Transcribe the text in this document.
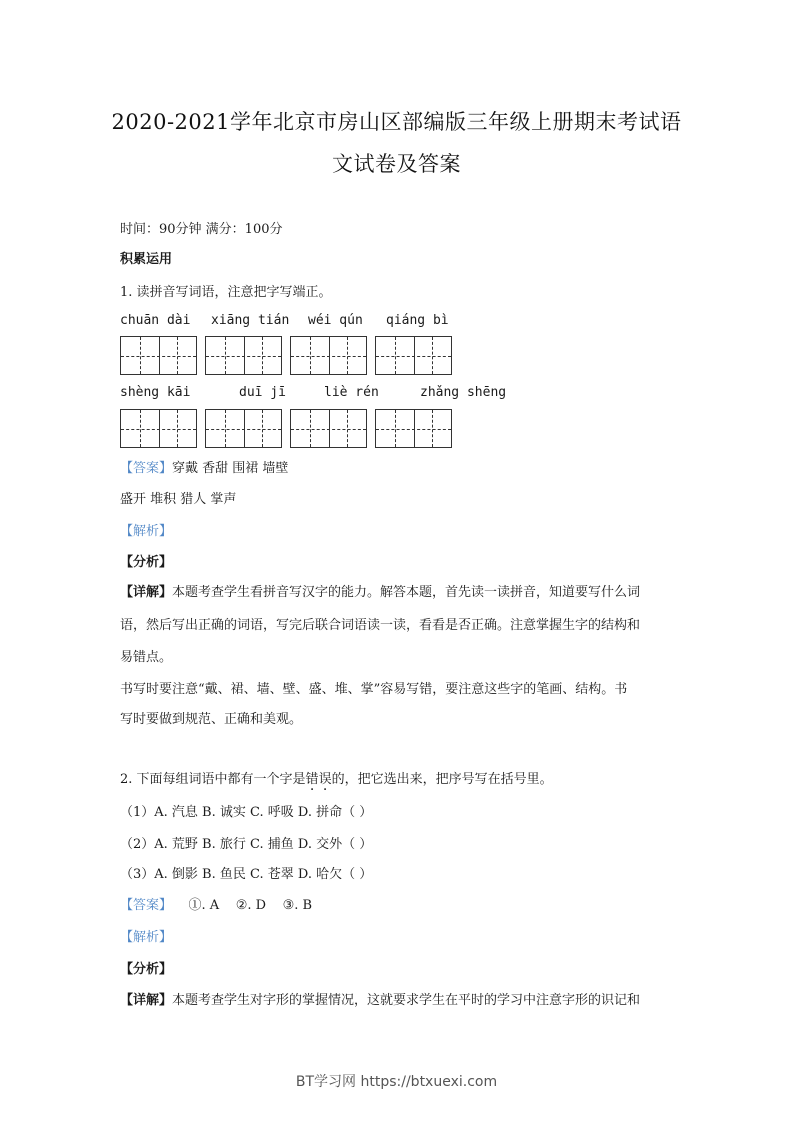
2020-2021学年北京市房山区部编版三年级上册期末考试语
文试卷及答案
时间：90分钟 满分：100分
积累运用
1. 读拼音写词语，注意把字写端正。
chuān dài xiāng tián wéi qún qiáng bì
shèng kāi	duī jī	liè rén	zhǎng shēng
【答案】穿戴 香甜 围裙 墙壁
盛开 堆积 猎人 掌声
【解析】
【分析】
【详解】本题考查学生看拼音写汉字的能力。解答本题，首先读一读拼音，知道要写什么词
语，然后写出正确的词语，写完后联合词语读一读，看看是否正确。注意掌握生字的结构和
易错点。
书写时要注意“戴、裙、墙、壁、盛、堆、掌”容易写错，要注意这些字的笔画、结构。书
写时要做到规范、正确和美观。
2. 下面每组词语中都有一个字是错误的，把它选出来，把序号写在括号里。
（1）A. 汽息 B. 诚实 C. 呼吸 D. 拼命（ ）
（2）A. 荒野 B. 旅行 C. 捕鱼 D. 交外（ ）
（3）A. 倒影 B. 鱼民 C. 苍翠 D. 哈欠（ ）
【答案】    ①. A    ②. D    ③. B
【解析】
【分析】
【详解】本题考查学生对字形的掌握情况，这就要求学生在平时的学习中注意字形的识记和
BT学习网 https://btxuexi.com
